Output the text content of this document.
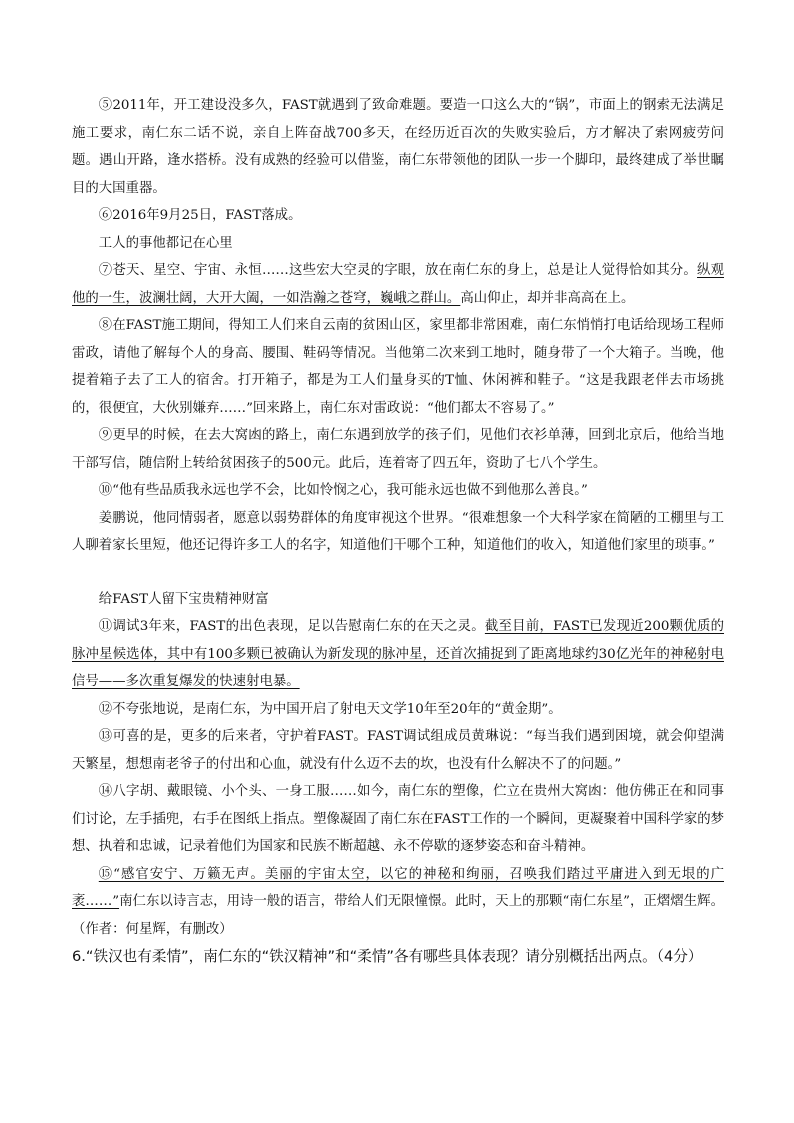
⑤2011年，开工建设没多久，FAST就遇到了致命难题。要造一口这么大的“锅”，市面上的钢索无法满足施工要求，南仁东二话不说，亲自上阵奋战700多天，在经历近百次的失败实验后，方才解决了索网疲劳问题。遇山开路，逢水搭桥。没有成熟的经验可以借鉴，南仁东带领他的团队一步一个脚印，最终建成了举世瞩目的大国重器。

⑥2016年9月25日，FAST落成。

工人的事他都记在心里

⑦苍天、星空、宇宙、永恒……这些宏大空灵的字眼，放在南仁东的身上，总是让人觉得恰如其分。纵观他的一生，波澜壮阔，大开大阖，一如浩瀚之苍穹，巍峨之群山。高山仰止，却并非高高在上。

⑧在FAST施工期间，得知工人们来自云南的贫困山区，家里都非常困难，南仁东悄悄打电话给现场工程师雷政，请他了解每个人的身高、腰围、鞋码等情况。当他第二次来到工地时，随身带了一个大箱子。当晚，他提着箱子去了工人的宿舍。打开箱子，都是为工人们量身买的T恤、休闲裤和鞋子。“这是我跟老伴去市场挑的，很便宜，大伙别嫌弃……”回来路上，南仁东对雷政说：“他们都太不容易了。”

⑨更早的时候，在去大窝凼的路上，南仁东遇到放学的孩子们，见他们衣衫单薄，回到北京后，他给当地干部写信，随信附上转给贫困孩子的500元。此后，连着寄了四五年，资助了七八个学生。

⑩“他有些品质我永远也学不会，比如怜悯之心，我可能永远也做不到他那么善良。”

姜鹏说，他同情弱者，愿意以弱势群体的角度审视这个世界。“很难想象一个大科学家在简陋的工棚里与工人聊着家长里短，他还记得许多工人的名字，知道他们干哪个工种，知道他们的收入，知道他们家里的琐事。”

给FAST人留下宝贵精神财富

⑪调试3年来，FAST的出色表现，足以告慰南仁东的在天之灵。截至目前，FAST已发现近200颗优质的脉冲星候选体，其中有100多颗已被确认为新发现的脉冲星，还首次捕捉到了距离地球约30亿光年的神秘射电信号——多次重复爆发的快速射电暴。

⑫不夸张地说，是南仁东，为中国开启了射电天文学10年至20年的“黄金期”。

⑬可喜的是，更多的后来者，守护着FAST。FAST调试组成员黄琳说：“每当我们遇到困境，就会仰望满天繁星，想想南老爷子的付出和心血，就没有什么迈不去的坎，也没有什么解决不了的问题。”

⑭八字胡、戴眼镜、小个头、一身工服……如今，南仁东的塑像，伫立在贵州大窝凼：他仿佛正在和同事们讨论，左手插兜，右手在图纸上指点。塑像凝固了南仁东在FAST工作的一个瞬间，更凝聚着中国科学家的梦想、执着和忠诚，记录着他们为国家和民族不断超越、永不停歇的逐梦姿态和奋斗精神。

⑮“感官安宁、万籁无声。美丽的宇宙太空，以它的神秘和绚丽，召唤我们踏过平庸进入到无垠的广袤……”南仁东以诗言志，用诗一般的语言，带给人们无限憧憬。此时，天上的那颗“南仁东星”，正熠熠生辉。（作者：何星辉，有删改）

6.“铁汉也有柔情”，南仁东的“铁汉精神”和“柔情”各有哪些具体表现？请分别概括出两点。（4分）
